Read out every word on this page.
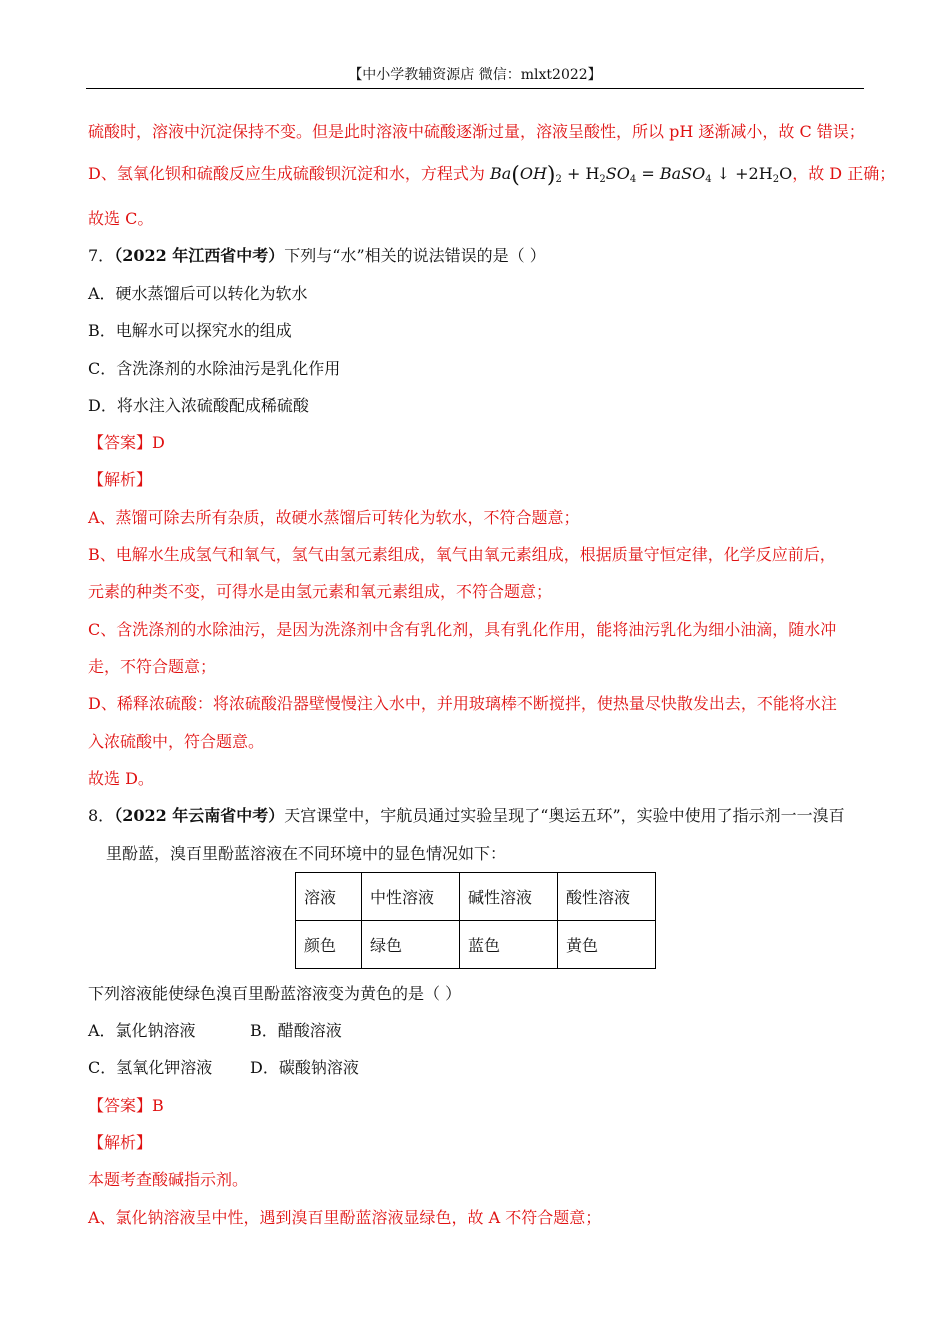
【中小学教辅资源店 微信：mlxt2022】
硫酸时，溶液中沉淀保持不变。但是此时溶液中硫酸逐渐过量，溶液呈酸性，所以 pH 逐渐减小，故 C 错误；
D、氢氧化钡和硫酸反应生成硫酸钡沉淀和水，方程式为 $Ba(OH)_2 + H_2SO_4$ = BaSO$_4$ ↓ $+2H_2O$，故 D 正确；
故选 C。
7．（2022 年江西省中考）下列与“水”相关的说法错误的是（ ）
A．硬水蒸馏后可以转化为软水
B．电解水可以探究水的组成
C．含洗涤剂的水除油污是乳化作用
D．将水注入浓硫酸配成稀硫酸
【答案】D
【解析】
A、蒸馏可除去所有杂质，故硬水蒸馏后可转化为软水，不符合题意；
B、电解水生成氢气和氧气，氢气由氢元素组成，氧气由氧元素组成，根据质量守恒定律，化学反应前后，
元素的种类不变，可得水是由氢元素和氧元素组成，不符合题意；
C、含洗涤剂的水除油污，是因为洗涤剂中含有乳化剂，具有乳化作用，能将油污乳化为细小油滴，随水冲
走，不符合题意；
D、稀释浓硫酸：将浓硫酸沿器壁慢慢注入水中，并用玻璃棒不断搅拌，使热量尽快散发出去，不能将水注
入浓硫酸中，符合题意。
故选 D。
8．（2022 年云南省中考）天宫课堂中，宇航员通过实验呈现了“奥运五环”，实验中使用了指示剂一一溴百
里酚蓝，溴百里酚蓝溶液在不同环境中的显色情况如下：
溶液	中性溶液	碱性溶液	酸性溶液
颜色	绿色	蓝色	黄色
下列溶液能使绿色溴百里酚蓝溶液变为黄色的是（ ）
A．氯化钠溶液	B．醋酸溶液
C．氢氧化钾溶液 D．碳酸钠溶液
【答案】B
【解析】
本题考查酸碱指示剂。
A、氯化钠溶液呈中性，遇到溴百里酚蓝溶液显绿色，故 A 不符合题意；
